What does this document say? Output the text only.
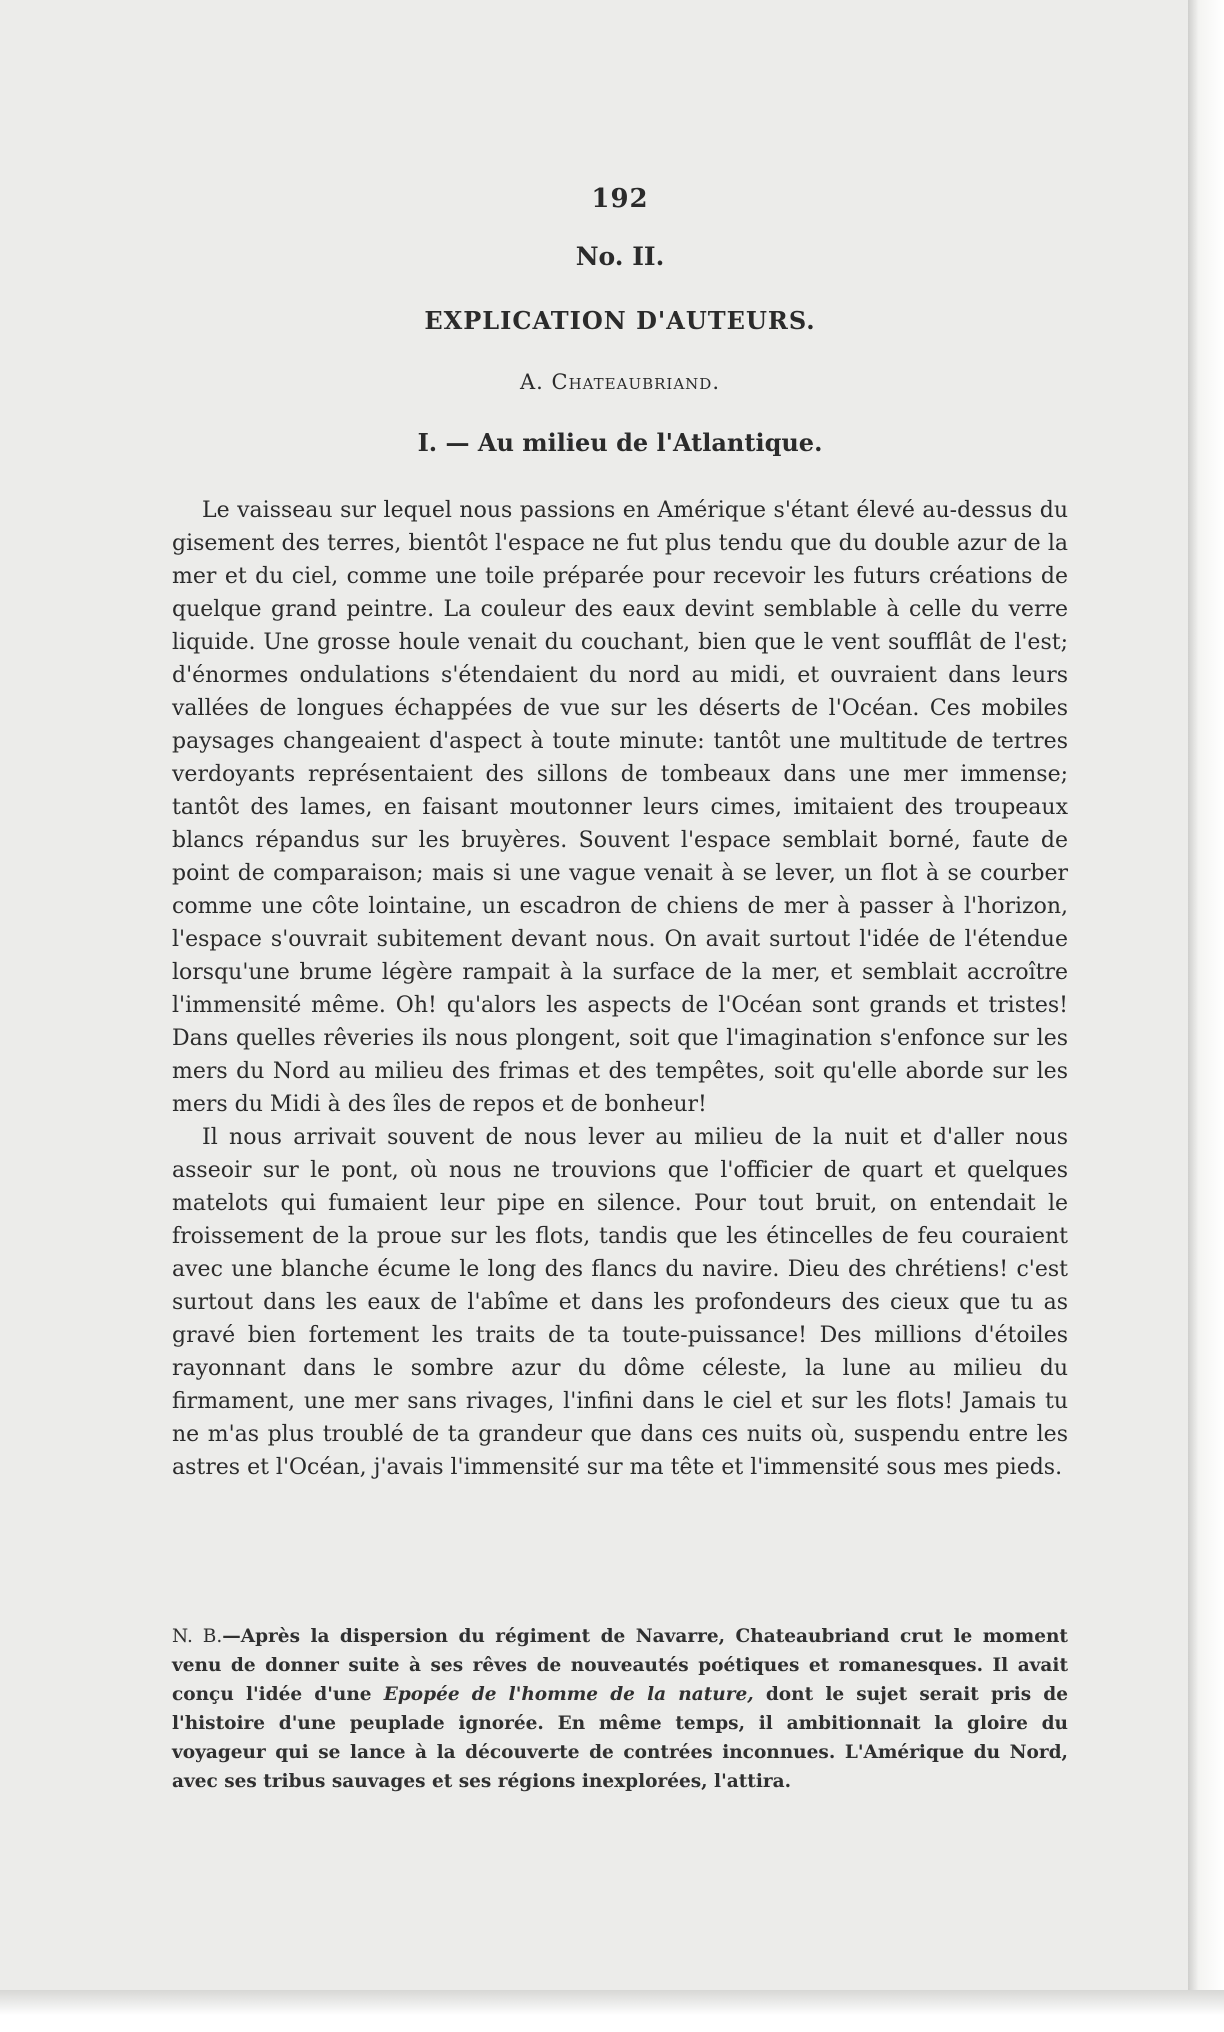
192
No. II.
EXPLICATION D'AUTEURS.
A. Chateaubriand.
I. — Au milieu de l'Atlantique.

Le vaisseau sur lequel nous passions en Amérique s'étant élevé au-dessus du gisement des terres, bientôt l'espace ne fut plus tendu que du double azur de la mer et du ciel, comme une toile préparée pour recevoir les futurs créations de quelque grand peintre. La couleur des eaux devint semblable à celle du verre liquide. Une grosse houle venait du couchant, bien que le vent soufflât de l'est; d'énormes ondulations s'étendaient du nord au midi, et ouvraient dans leurs vallées de longues échappées de vue sur les déserts de l'Océan. Ces mobiles paysages changeaient d'aspect à toute minute: tantôt une multitude de tertres verdoyants représentaient des sillons de tombeaux dans une mer immense; tantôt des lames, en faisant moutonner leurs cimes, imitaient des troupeaux blancs répandus sur les bruyères. Souvent l'espace semblait borné, faute de point de comparaison; mais si une vague venait à se lever, un flot à se courber comme une côte lointaine, un escadron de chiens de mer à passer à l'horizon, l'espace s'ouvrait subitement devant nous. On avait surtout l'idée de l'étendue lorsqu'une brume légère rampait à la surface de la mer, et semblait accroître l'immensité même. Oh! qu'alors les aspects de l'Océan sont grands et tristes! Dans quelles rêveries ils nous plongent, soit que l'imagination s'enfonce sur les mers du Nord au milieu des frimas et des tempêtes, soit qu'elle aborde sur les mers du Midi à des îles de repos et de bonheur!

Il nous arrivait souvent de nous lever au milieu de la nuit et d'aller nous asseoir sur le pont, où nous ne trouvions que l'officier de quart et quelques matelots qui fumaient leur pipe en silence. Pour tout bruit, on entendait le froissement de la proue sur les flots, tandis que les étincelles de feu couraient avec une blanche écume le long des flancs du navire. Dieu des chrétiens! c'est surtout dans les eaux de l'abîme et dans les profondeurs des cieux que tu as gravé bien fortement les traits de ta toute-puissance! Des millions d'étoiles rayonnant dans le sombre azur du dôme céleste, la lune au milieu du firmament, une mer sans rivages, l'infini dans le ciel et sur les flots! Jamais tu ne m'as plus troublé de ta grandeur que dans ces nuits où, suspendu entre les astres et l'Océan, j'avais l'immensité sur ma tête et l'immensité sous mes pieds.

N. B.—Après la dispersion du régiment de Navarre, Chateaubriand crut le moment venu de donner suite à ses rêves de nouveautés poétiques et romanesques. Il avait conçu l'idée d'une Epopée de l'homme de la nature, dont le sujet serait pris de l'histoire d'une peuplade ignorée. En même temps, il ambitionnait la gloire du voyageur qui se lance à la découverte de contrées inconnues. L'Amérique du Nord, avec ses tribus sauvages et ses régions inexplorées, l'attira.
